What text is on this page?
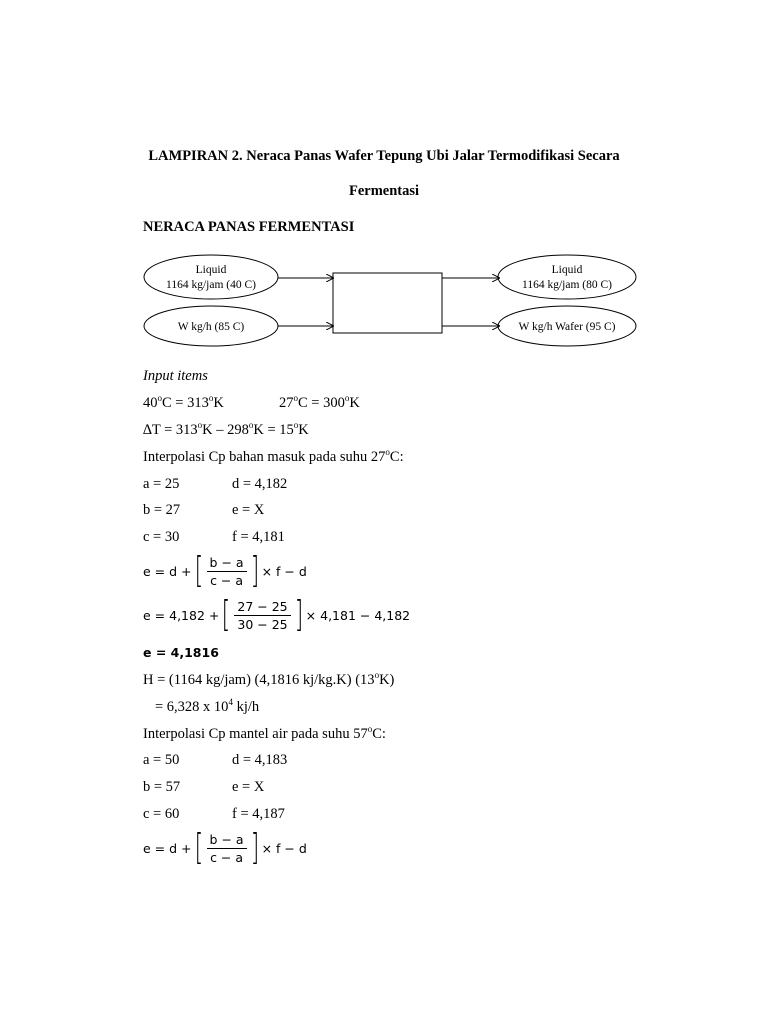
LAMPIRAN 2. Neraca Panas Wafer Tepung Ubi Jalar Termodifikasi Secara
Fermentasi
NERACA PANAS FERMENTASI
Liquid
1164 kg/jam (40 C)
W kg/h (85 C)
Liquid
1164 kg/jam (80 C)
W kg/h Wafer (95 C)
Input items
$40^oC = 313^oK$	$27^oC = 300^oK$
$\Delta T = 313^oK - 298^oK = 15^oK$
Interpolasi Cp bahan masuk pada suhu 27$^o$C:
a = 25	d = 4,182
b = 27	e = X
c = 30	f = 4,181
e = d + [ $\frac{b - a}{c - a}$ ] × f − d
e = 4,182 + [ $\frac{27 - 25}{30 - 25}$ ] × 4,181 − 4,182
e = 4,1816
H = (1164 kg/jam) (4,1816 kj/kg.K) $(13^oK)$
= 6,328 x $10^4$ kj/h
Interpolasi Cp mantel air pada suhu 57$^o$C:
a = 50	d = 4,183
b = 57	e = X
c = 60	f = 4,187
e = d + [ $\frac{b - a}{c - a}$ ] × f − d
